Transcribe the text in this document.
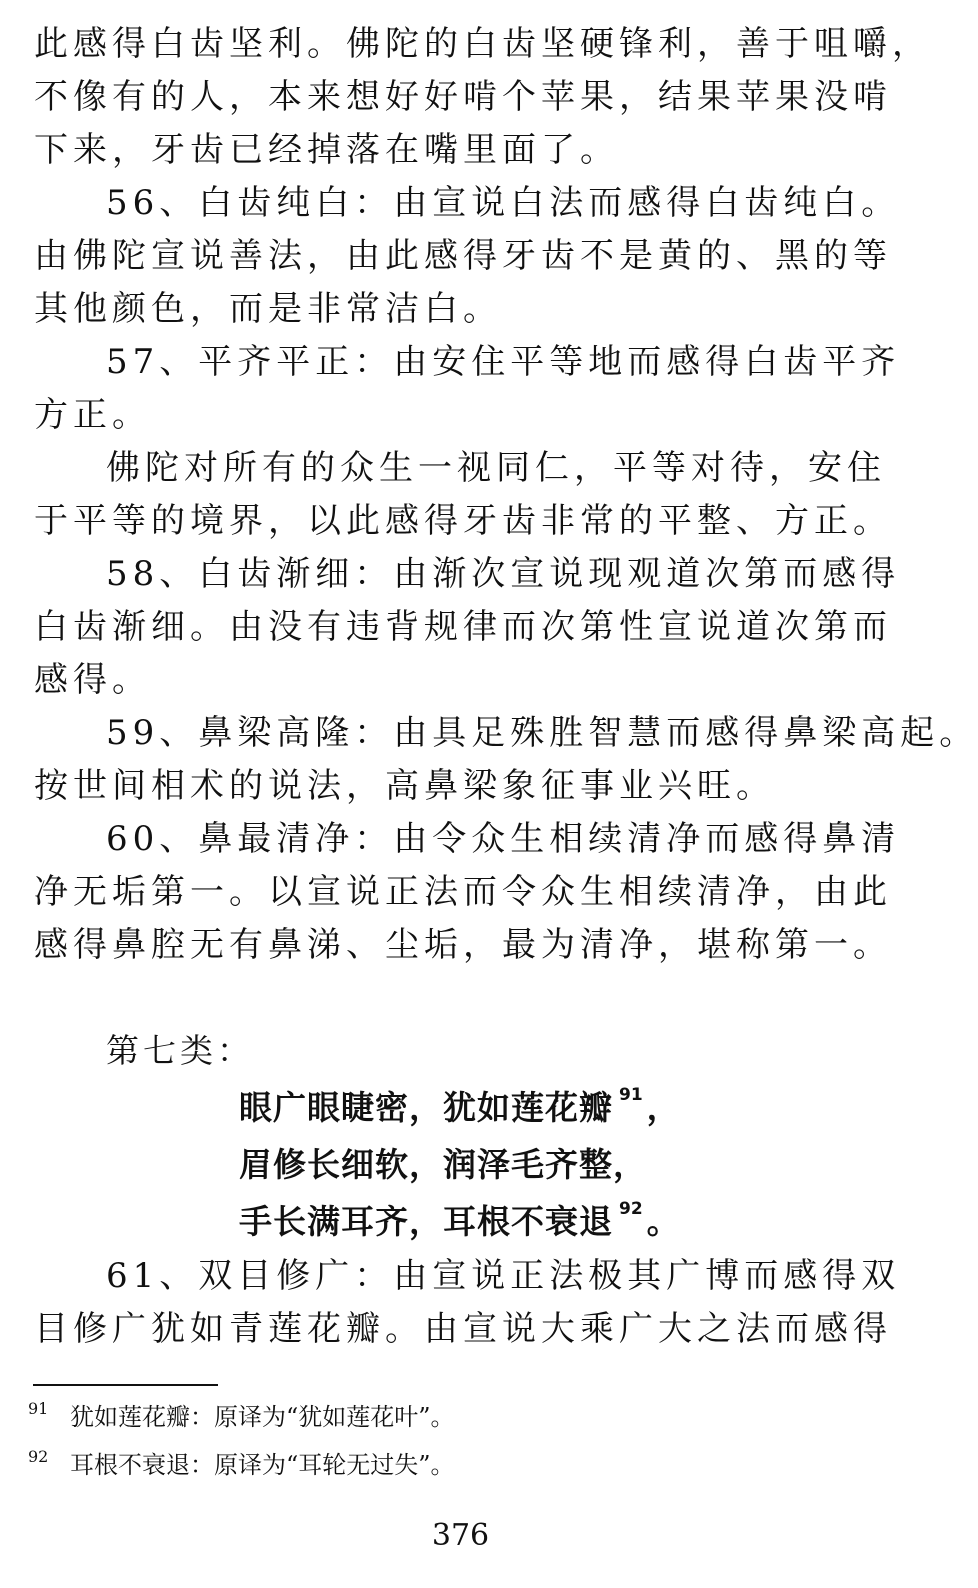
此感得白齿坚利。佛陀的白齿坚硬锋利，善于咀嚼，
不像有的人，本来想好好啃个苹果，结果苹果没啃
下来，牙齿已经掉落在嘴里面了。
56、白齿纯白：由宣说白法而感得白齿纯白。
由佛陀宣说善法，由此感得牙齿不是黄的、黑的等
其他颜色，而是非常洁白。
57、平齐平正：由安住平等地而感得白齿平齐
方正。
佛陀对所有的众生一视同仁，平等对待，安住
于平等的境界，以此感得牙齿非常的平整、方正。
58、白齿渐细：由渐次宣说现观道次第而感得
白齿渐细。由没有违背规律而次第性宣说道次第而
感得。
59、鼻梁高隆：由具足殊胜智慧而感得鼻梁高起。
按世间相术的说法，高鼻梁象征事业兴旺。
60、鼻最清净：由令众生相续清净而感得鼻清
净无垢第一。以宣说正法而令众生相续清净，由此
感得鼻腔无有鼻涕、尘垢，最为清净，堪称第一。
第七类：
眼广眼睫密，犹如莲花瓣 $^{91}$ ，
眉修长细软，润泽毛齐整，
手长满耳齐，耳根不衰退 $^{92}$ 。
61、双目修广：由宣说正法极其广博而感得双
目修广犹如青莲花瓣。由宣说大乘广大之法而感得
91 犹如莲花瓣：原译为“犹如莲花叶”。
92 耳根不衰退：原译为“耳轮无过失”。
376
